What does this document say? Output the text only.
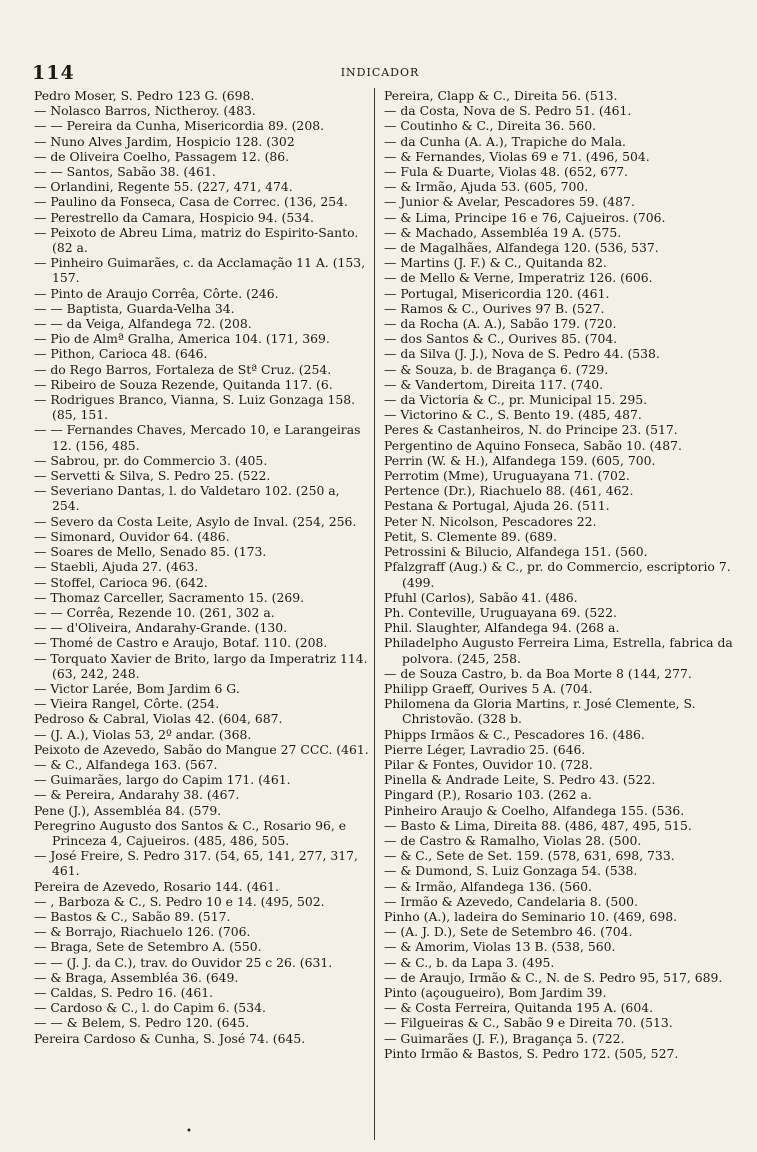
114	INDICADOR

Pedro Moser, S. Pedro 123 G. (698.

— Nolasco Barros, Nictheroy. (483.

— — Pereira da Cunha, Misericordia 89. (208.

— Nuno Alves Jardim, Hospicio 128. (302

— de Oliveira Coelho, Passagem 12. (86.

— — Santos, Sabão 38. (461.

— Orlandini, Regente 55. (227, 471, 474.

— Paulino da Fonseca, Casa de Correc. (136, 254.

— Perestrello da Camara, Hospicio 94. (534.

— Peixoto de Abreu Lima, matriz do Espirito-Santo. (82 a.

— Pinheiro Guimarães, c. da Acclamação 11 A. (153, 157.

— Pinto de Araujo Corrêa, Côrte. (246.

— — Baptista, Guarda-Velha 34.

— — da Veiga, Alfandega 72. (208.

— Pio de Almª Gralha, America 104. (171, 369.

— Pithon, Carioca 48. (646.

— do Rego Barros, Fortaleza de Stª Cruz. (254.

— Ribeiro de Souza Rezende, Quitanda 117. (6.

— Rodrigues Branco, Vianna, S. Luiz Gonzaga 158. (85, 151.

— — Fernandes Chaves, Mercado 10, e Larangeiras 12. (156, 485.

— Sabrou, pr. do Commercio 3. (405.

— Servetti & Silva, S. Pedro 25. (522.

— Severiano Dantas, l. do Valdetaro 102. (250 a, 254.

— Severo da Costa Leite, Asylo de Inval. (254, 256.

— Simonard, Ouvidor 64. (486.

— Soares de Mello, Senado 85. (173.

— Staebli, Ajuda 27. (463.

— Stoffel, Carioca 96. (642.

— Thomaz Carceller, Sacramento 15. (269.

— — Corrêa, Rezende 10. (261, 302 a.

— — d'Oliveira, Andarahy-Grande. (130.

— Thomé de Castro e Araujo, Botaf. 110. (208.

— Torquato Xavier de Brito, largo da Imperatriz 114. (63, 242, 248.

— Victor Larée, Bom Jardim 6 G.

— Vieira Rangel, Côrte. (254.

Pedroso & Cabral, Violas 42. (604, 687.

— (J. A.), Violas 53, 2º andar. (368.

Peixoto de Azevedo, Sabão do Mangue 27 CCC. (461.

— & C., Alfandega 163. (567.

— Guimarães, largo do Capim 171. (461.

— & Pereira, Andarahy 38. (467.

Pene (J.), Assembléa 84. (579.

Peregrino Augusto dos Santos & C., Rosario 96, e Princeza 4, Cajueiros. (485, 486, 505.

— José Freire, S. Pedro 317. (54, 65, 141, 277, 317, 461.

Pereira de Azevedo, Rosario 144. (461.

— , Barboza & C., S. Pedro 10 e 14. (495, 502.

— Bastos & C., Sabão 89. (517.

— & Borrajo, Riachuelo 126. (706.

— Braga, Sete de Setembro A. (550.

— — (J. J. da C.), trav. do Ouvidor 25 c 26. (631.

— & Braga, Assembléa 36. (649.

— Caldas, S. Pedro 16. (461.

— Cardoso & C., l. do Capim 6. (534.

— — & Belem, S. Pedro 120. (645.

Pereira Cardoso & Cunha, S. José 74. (645.

Pereira, Clapp & C., Direita 56. (513.

— da Costa, Nova de S. Pedro 51. (461.

— Coutinho & C., Direita 36. 560.

— da Cunha (A. A.), Trapiche do Mala.

— & Fernandes, Violas 69 e 71. (496, 504.

— Fula & Duarte, Violas 48. (652, 677.

— & Irmão, Ajuda 53. (605, 700.

— Junior & Avelar, Pescadores 59. (487.

— & Lima, Principe 16 e 76, Cajueiros. (706.

— & Machado, Assembléa 19 A. (575.

— de Magalhães, Alfandega 120. (536, 537.

— Martins (J. F.) & C., Quitanda 82.

— de Mello & Verne, Imperatriz 126. (606.

— Portugal, Misericordia 120. (461.

— Ramos & C., Ourives 97 B. (527.

— da Rocha (A. A.), Sabão 179. (720.

— dos Santos & C., Ourives 85. (704.

— da Silva (J. J.), Nova de S. Pedro 44. (538.

— & Souza, b. de Bragança 6. (729.

— & Vandertom, Direita 117. (740.

— da Victoria & C., pr. Municipal 15. 295.

— Victorino & C., S. Bento 19. (485, 487.

Peres & Castanheiros, N. do Principe 23. (517.

Pergentino de Aquino Fonseca, Sabão 10. (487.

Perrin (W. & H.), Alfandega 159. (605, 700.

Perrotim (Mme), Uruguayana 71. (702.

Pertence (Dr.), Riachuelo 88. (461, 462.

Pestana & Portugal, Ajuda 26. (511.

Peter N. Nicolson, Pescadores 22.

Petit, S. Clemente 89. (689.

Petrossini & Bilucio, Alfandega 151. (560.

Pfalzgraff (Aug.) & C., pr. do Commercio, escriptorio 7. (499.

Pfuhl (Carlos), Sabão 41. (486.

Ph. Conteville, Uruguayana 69. (522.

Phil. Slaughter, Alfandega 94. (268 a.

Philadelpho Augusto Ferreira Lima, Estrella, fabrica da polvora. (245, 258.

— de Souza Castro, b. da Boa Morte 8 (144, 277.

Philipp Graeff, Ourives 5 A. (704.

Philomena da Gloria Martins, r. José Clemente, S. Christovão. (328 b.

Phipps Irmãos & C., Pescadores 16. (486.

Pierre Léger, Lavradio 25. (646.

Pilar & Fontes, Ouvidor 10. (728.

Pinella & Andrade Leite, S. Pedro 43. (522.

Pingard (P.), Rosario 103. (262 a.

Pinheiro Araujo & Coelho, Alfandega 155. (536.

— Basto & Lima, Direita 88. (486, 487, 495, 515.

— de Castro & Ramalho, Violas 28. (500.

— & C., Sete de Set. 159. (578, 631, 698, 733.

— & Dumond, S. Luiz Gonzaga 54. (538.

— & Irmão, Alfandega 136. (560.

— Irmão & Azevedo, Candelaria 8. (500.

Pinho (A.), ladeira do Seminario 10. (469, 698.

— (A. J. D.), Sete de Setembro 46. (704.

— & Amorim, Violas 13 B. (538, 560.

— & C., b. da Lapa 3. (495.

— de Araujo, Irmão & C., N. de S. Pedro 95, 517, 689.

Pinto (açougueiro), Bom Jardim 39.

— & Costa Ferreira, Quitanda 195 A. (604.

— Filgueiras & C., Sabão 9 e Direita 70. (513.

— Guimarães (J. F.), Bragança 5. (722.

Pinto Irmão & Bastos, S. Pedro 172. (505, 527.

•
